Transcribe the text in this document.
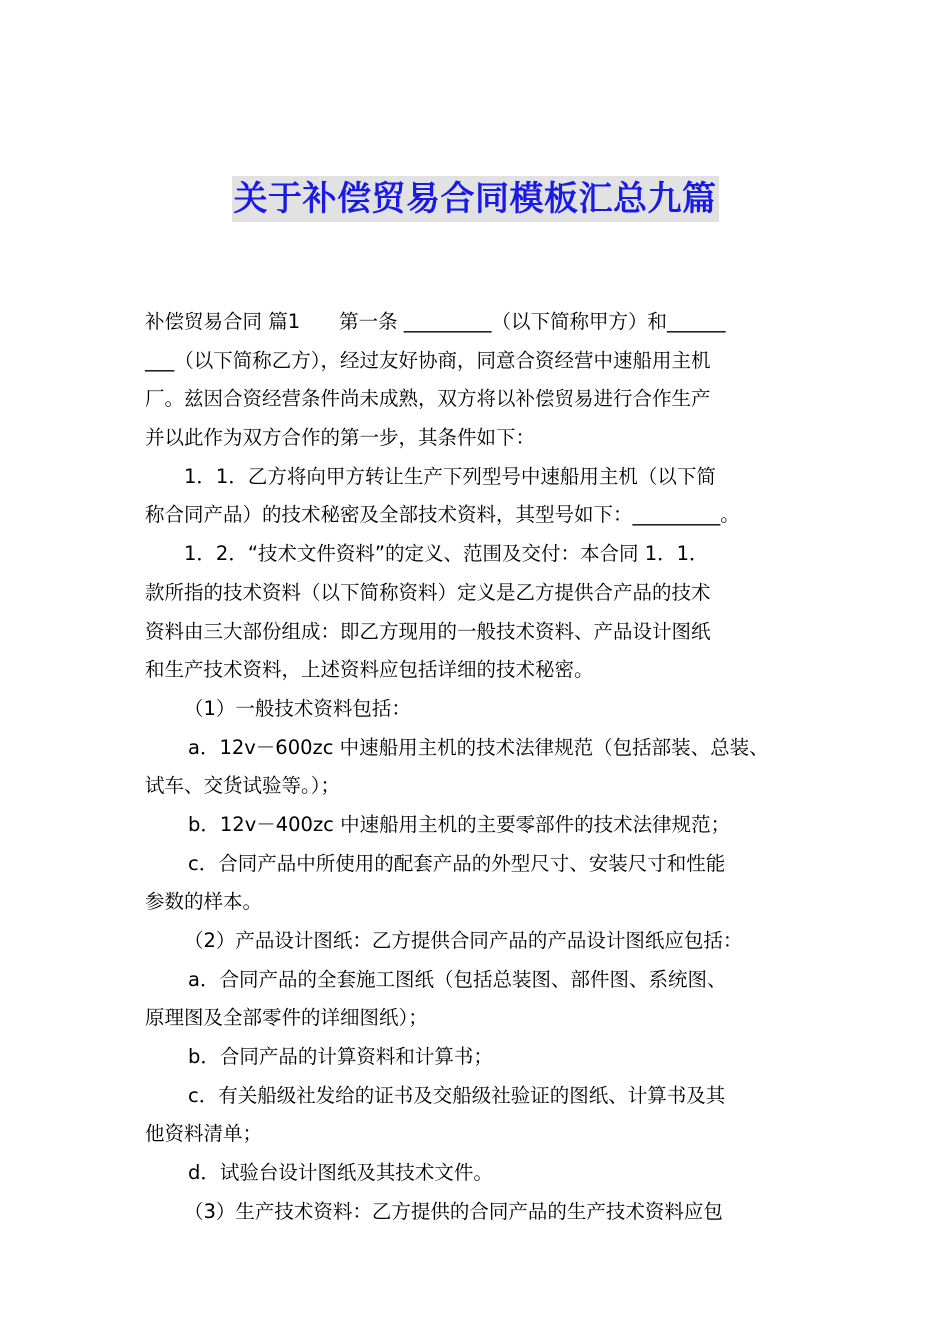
关于补偿贸易合同模板汇总九篇
补偿贸易合同 篇1　　第一条 _________（以下简称甲方）和______
___（以下简称乙方），经过友好协商，同意合资经营中速船用主机
厂。兹因合资经营条件尚未成熟，双方将以补偿贸易进行合作生产
并以此作为双方合作的第一步，其条件如下：
1．1．乙方将向甲方转让生产下列型号中速船用主机（以下简
称合同产品）的技术秘密及全部技术资料，其型号如下：_________。
1．2．“技术文件资料”的定义、范围及交付：本合同 1．1．
款所指的技术资料（以下简称资料）定义是乙方提供合产品的技术
资料由三大部份组成：即乙方现用的一般技术资料、产品设计图纸
和生产技术资料，上述资料应包括详细的技术秘密。
（1）一般技术资料包括：
a．12v－600zc 中速船用主机的技术法律规范（包括部装、总装、
试车、交货试验等。）；
b．12v－400zc 中速船用主机的主要零部件的技术法律规范；
c．合同产品中所使用的配套产品的外型尺寸、安装尺寸和性能
参数的样本。
（2）产品设计图纸：乙方提供合同产品的产品设计图纸应包括：
a．合同产品的全套施工图纸（包括总装图、部件图、系统图、
原理图及全部零件的详细图纸）；
b．合同产品的计算资料和计算书；
c．有关船级社发给的证书及交船级社验证的图纸、计算书及其
他资料清单；
d．试验台设计图纸及其技术文件。
（3）生产技术资料：乙方提供的合同产品的生产技术资料应包
